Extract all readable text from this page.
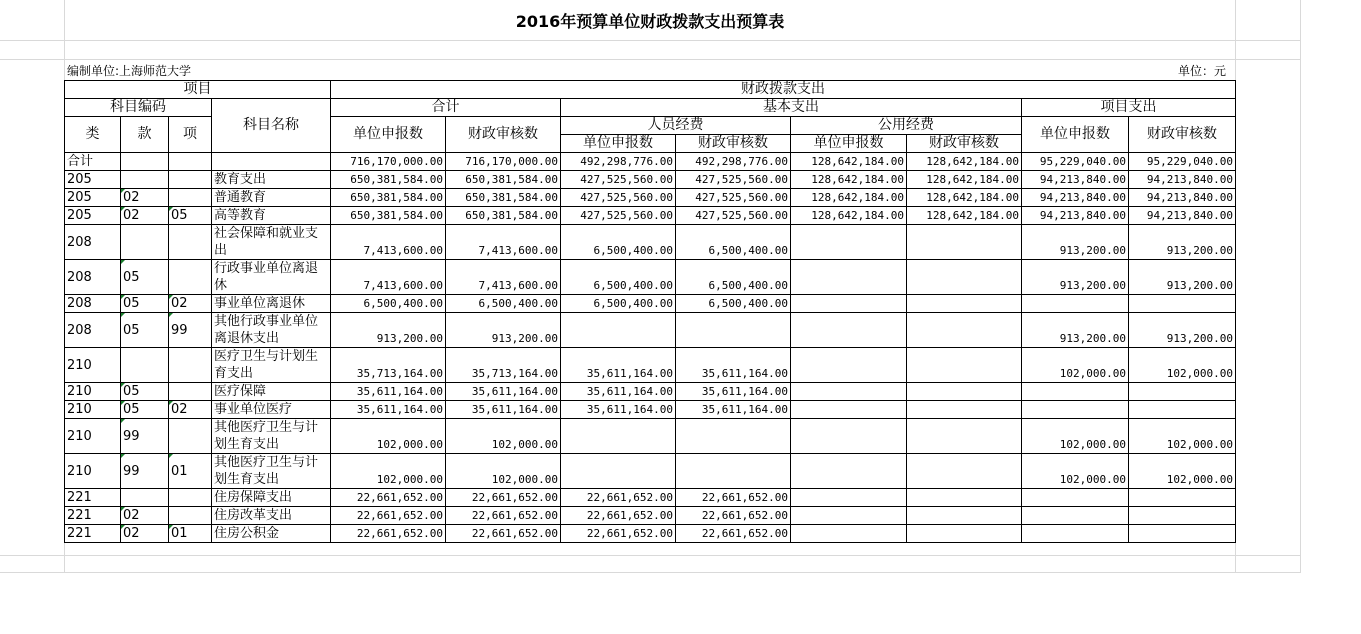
2016年预算单位财政拨款支出预算表
编制单位:上海师范大学	单位：元
项目				财政拨款支出							
科目编码			科目名称	合计		基本支出				项目支出	
类	款	项		单位申报数	财政审核数	人员经费		公用经费		单位申报数	财政审核数
						单位申报数	财政审核数	单位申报数	财政审核数		
合计				716,170,000.00	716,170,000.00	492,298,776.00	492,298,776.00	128,642,184.00	128,642,184.00	95,229,040.00	95,229,040.00
205			教育支出	650,381,584.00	650,381,584.00	427,525,560.00	427,525,560.00	128,642,184.00	128,642,184.00	94,213,840.00	94,213,840.00
205	02		普通教育	650,381,584.00	650,381,584.00	427,525,560.00	427,525,560.00	128,642,184.00	128,642,184.00	94,213,840.00	94,213,840.00
205	02	05	高等教育	650,381,584.00	650,381,584.00	427,525,560.00	427,525,560.00	128,642,184.00	128,642,184.00	94,213,840.00	94,213,840.00
208			社会保障和就业支出	7,413,600.00	7,413,600.00	6,500,400.00	6,500,400.00			913,200.00	913,200.00
208	05		行政事业单位离退休	7,413,600.00	7,413,600.00	6,500,400.00	6,500,400.00			913,200.00	913,200.00
208	05	02	事业单位离退休	6,500,400.00	6,500,400.00	6,500,400.00	6,500,400.00				
208	05	99	其他行政事业单位离退休支出	913,200.00	913,200.00					913,200.00	913,200.00
210			医疗卫生与计划生育支出	35,713,164.00	35,713,164.00	35,611,164.00	35,611,164.00			102,000.00	102,000.00
210	05		医疗保障	35,611,164.00	35,611,164.00	35,611,164.00	35,611,164.00				
210	05	02	事业单位医疗	35,611,164.00	35,611,164.00	35,611,164.00	35,611,164.00				
210	99		其他医疗卫生与计划生育支出	102,000.00	102,000.00					102,000.00	102,000.00
210	99	01	其他医疗卫生与计划生育支出	102,000.00	102,000.00					102,000.00	102,000.00
221			住房保障支出	22,661,652.00	22,661,652.00	22,661,652.00	22,661,652.00				
221	02		住房改革支出	22,661,652.00	22,661,652.00	22,661,652.00	22,661,652.00				
221	02	01	住房公积金	22,661,652.00	22,661,652.00	22,661,652.00	22,661,652.00				
